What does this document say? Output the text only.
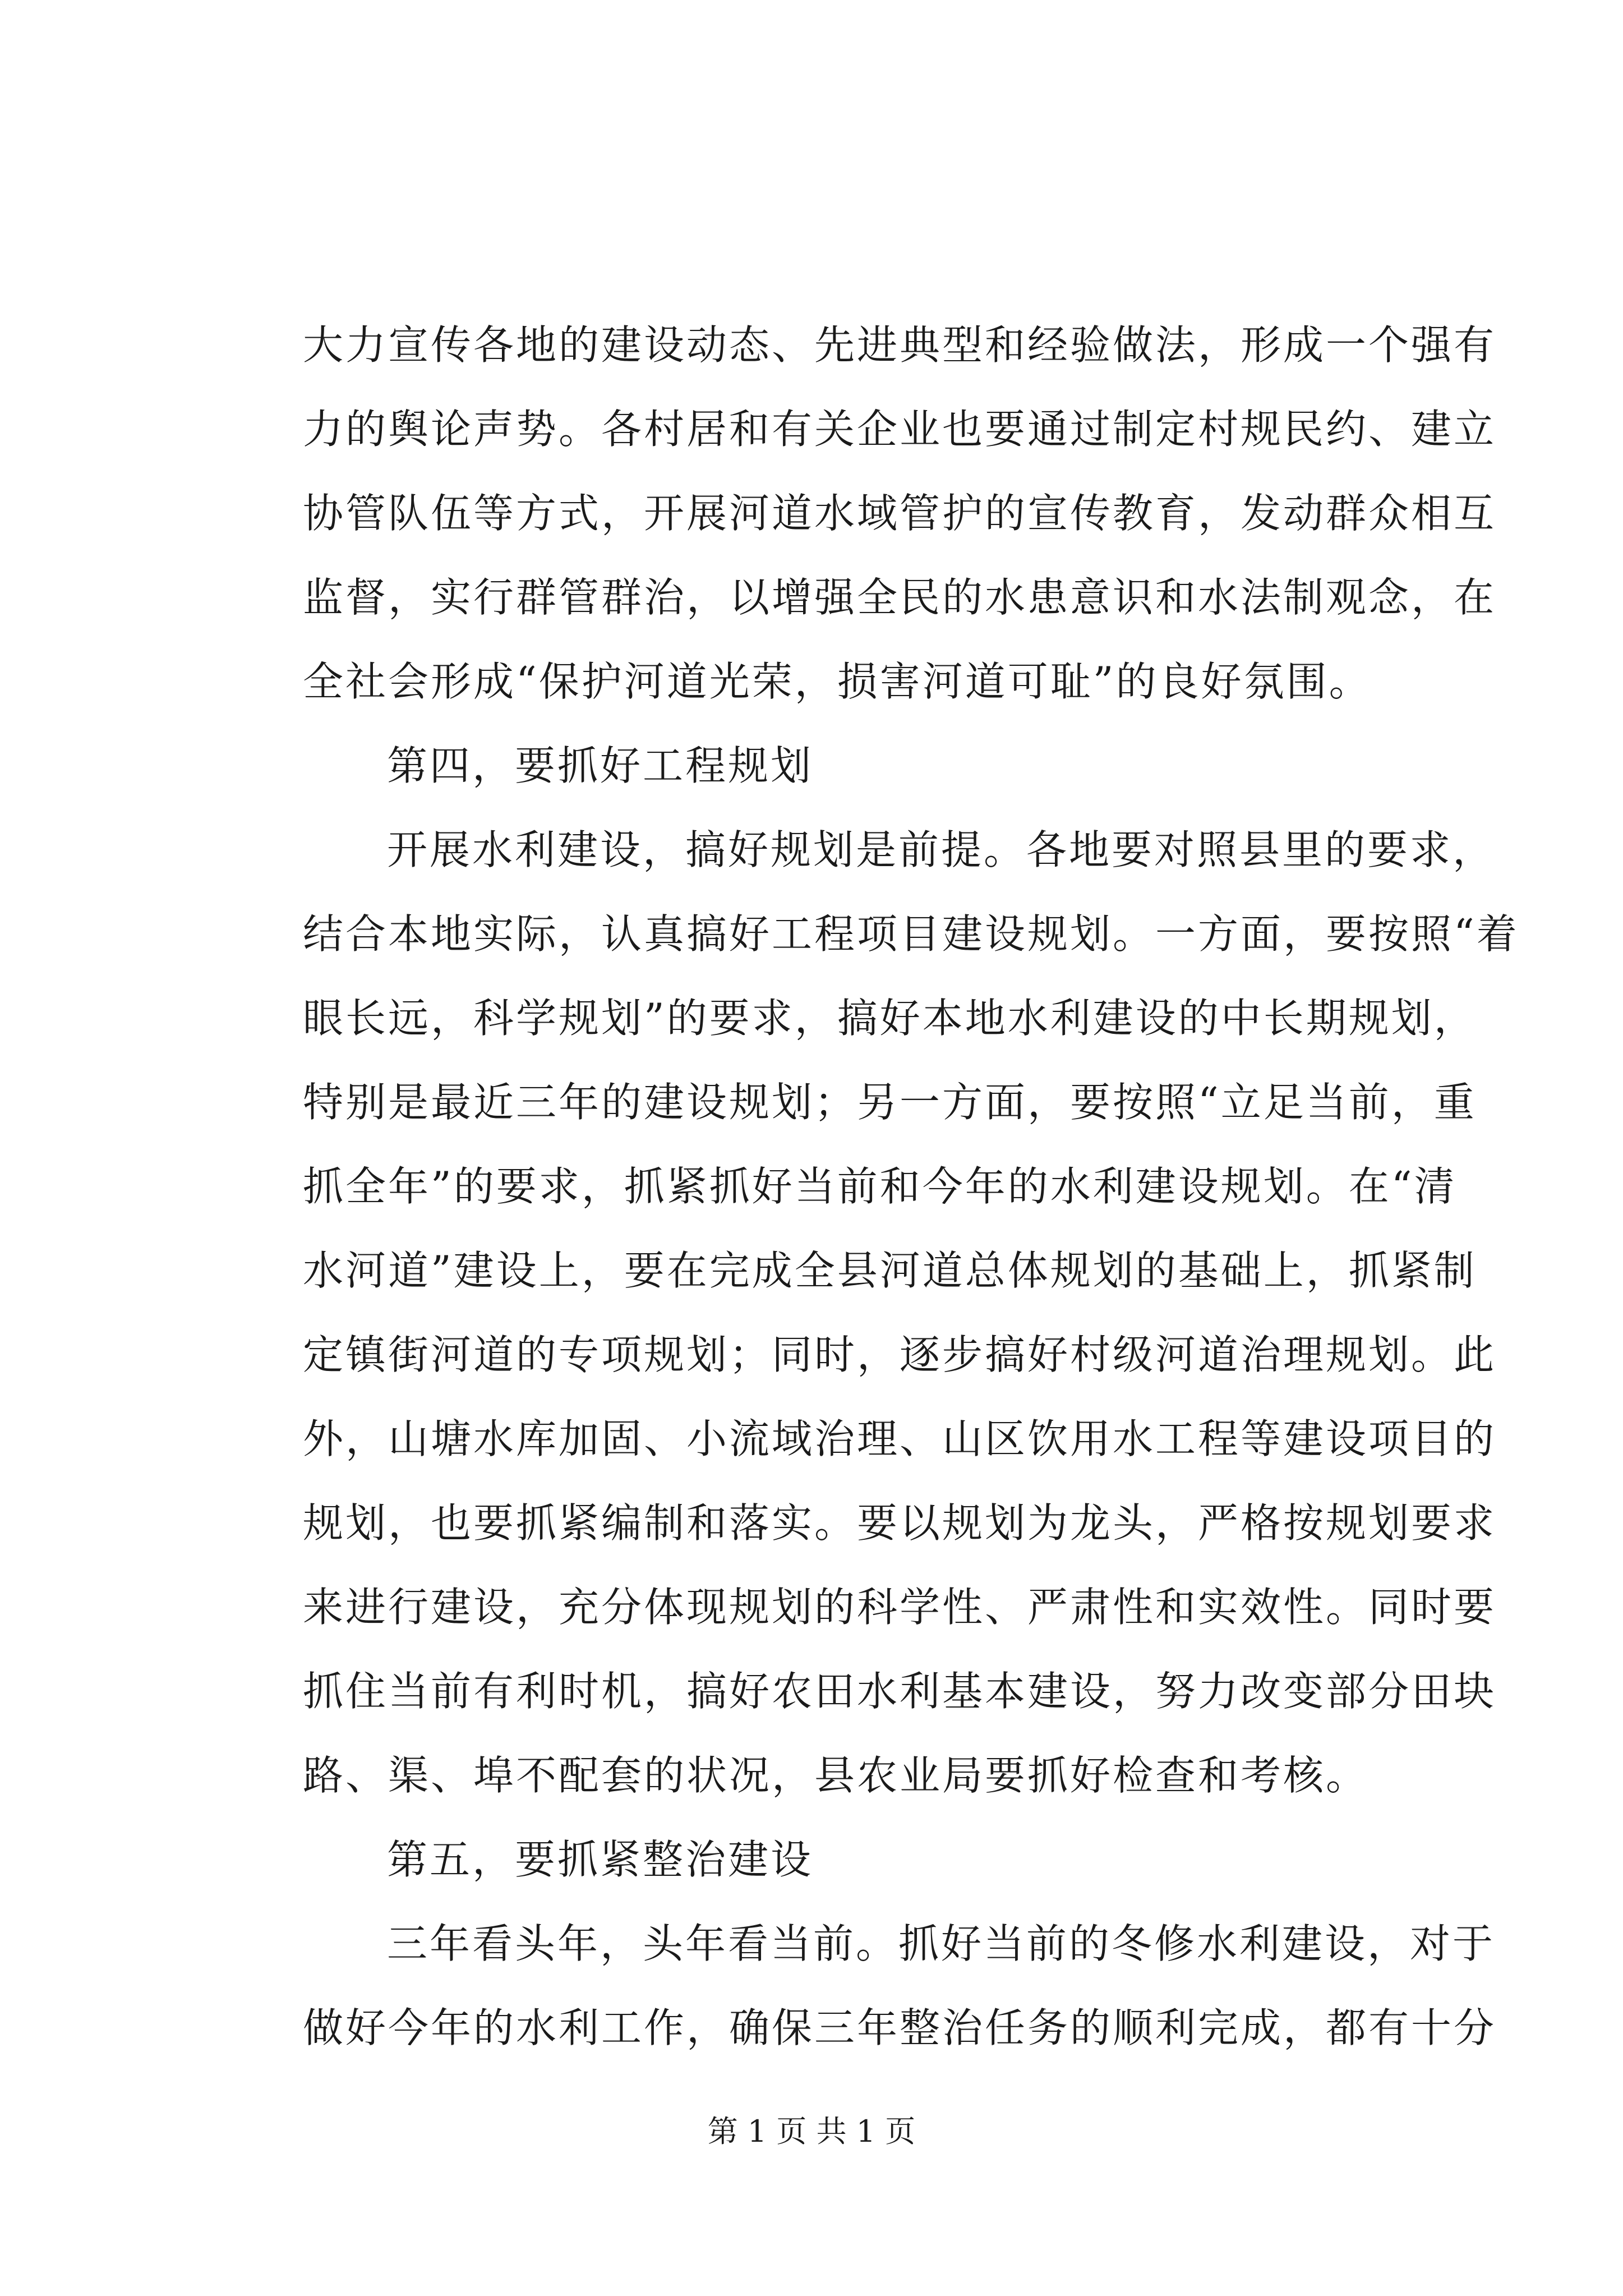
大力宣传各地的建设动态、先进典型和经验做法，形成一个强有
力的舆论声势。各村居和有关企业也要通过制定村规民约、建立
协管队伍等方式，开展河道水域管护的宣传教育，发动群众相互
监督，实行群管群治，以增强全民的水患意识和水法制观念，在
全社会形成“保护河道光荣，损害河道可耻”的良好氛围。
第四，要抓好工程规划
开展水利建设，搞好规划是前提。各地要对照县里的要求，
结合本地实际，认真搞好工程项目建设规划。一方面，要按照“着
眼长远，科学规划”的要求，搞好本地水利建设的中长期规划，
特别是最近三年的建设规划；另一方面，要按照“立足当前，重
抓全年”的要求，抓紧抓好当前和今年的水利建设规划。在“清
水河道”建设上，要在完成全县河道总体规划的基础上，抓紧制
定镇街河道的专项规划；同时，逐步搞好村级河道治理规划。此
外，山塘水库加固、小流域治理、山区饮用水工程等建设项目的
规划，也要抓紧编制和落实。要以规划为龙头，严格按规划要求
来进行建设，充分体现规划的科学性、严肃性和实效性。同时要
抓住当前有利时机，搞好农田水利基本建设，努力改变部分田块
路、渠、埠不配套的状况，县农业局要抓好检查和考核。
第五，要抓紧整治建设
三年看头年，头年看当前。抓好当前的冬修水利建设，对于
做好今年的水利工作，确保三年整治任务的顺利完成，都有十分
第 1 页 共 1 页
